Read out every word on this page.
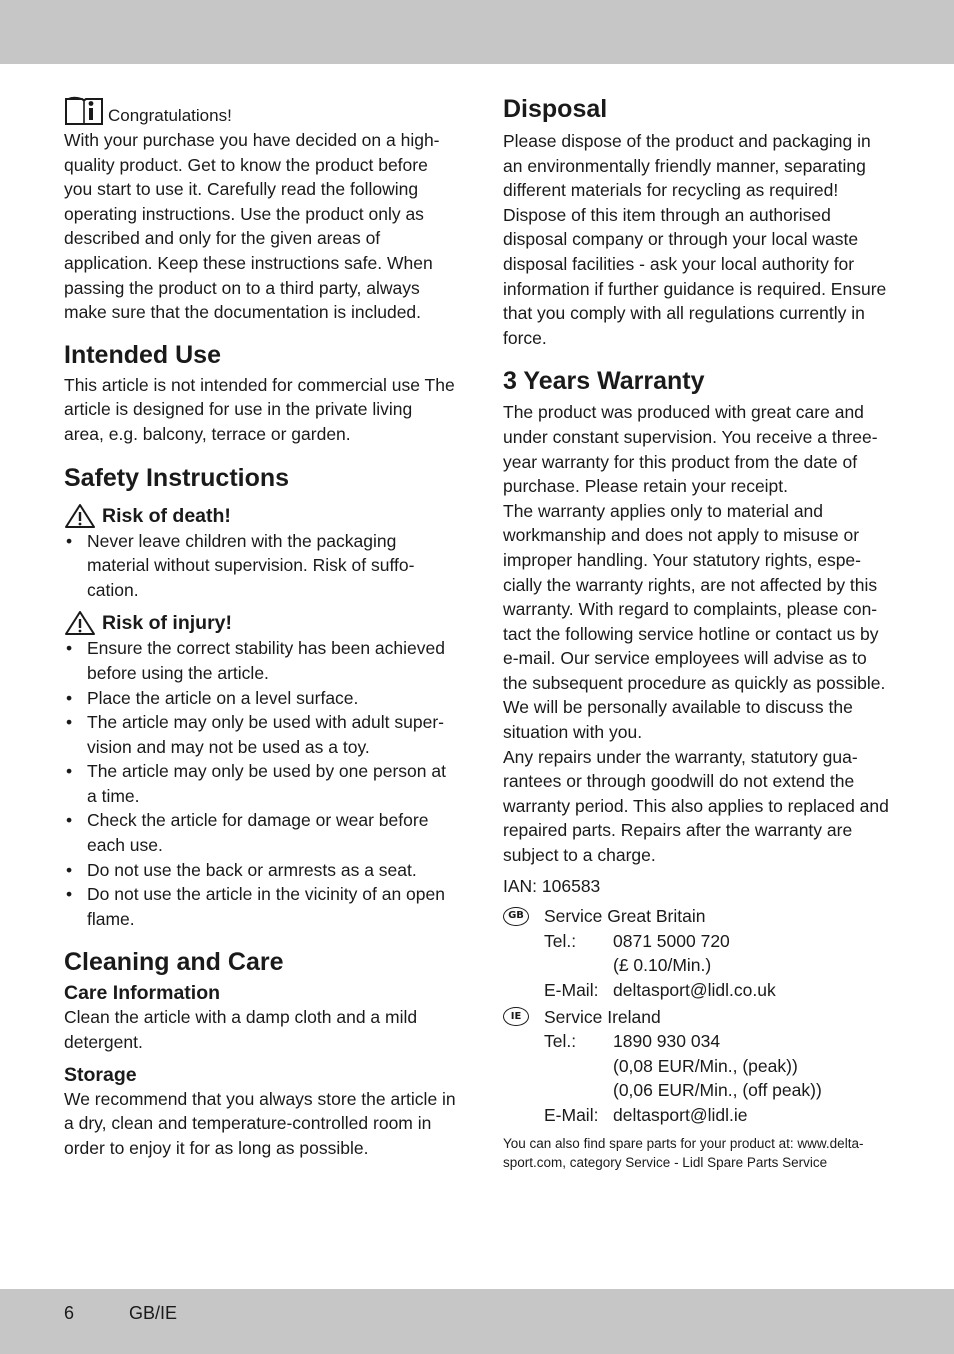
Congratulations!

With your purchase you have decided on a high-quality product. Get to know the product before you start to use it. Carefully read the following operating instructions. Use the product only as described and only for the given areas of application. Keep these instructions safe. When passing the product on to a third party, always make sure that the documentation is included.

Intended Use

This article is not intended for commercial use The article is designed for use in the private living area, e.g. balcony, terrace or garden.

Safety Instructions
Risk of death!
• Never leave children with the packaging material without supervision. Risk of suffo-cation.
Risk of injury!
• Ensure the correct stability has been achieved before using the article.
• Place the article on a level surface.
• The article may only be used with adult super-vision and may not be used as a toy.
• The article may only be used by one person at a time.
• Check the article for damage or wear before each use.
• Do not use the back or armrests as a seat.
• Do not use the article in the vicinity of an open flame.
Cleaning and Care
Care Information

Clean the article with a damp cloth and a mild detergent.

Storage

We recommend that you always store the article in a dry, clean and temperature-controlled room in order to enjoy it for as long as possible.

Disposal

Please dispose of the product and packaging in an environmentally friendly manner, separating different materials for recycling as required! Dispose of this item through an authorised disposal company or through your local waste disposal facilities - ask your local authority for information if further guidance is required. Ensure that you comply with all regulations currently in force.

3 Years Warranty

The product was produced with great care and under constant supervision. You receive a three-year warranty for this product from the date of purchase. Please retain your receipt.

The warranty applies only to material and workmanship and does not apply to misuse or improper handling. Your statutory rights, espe-cially the warranty rights, are not affected by this warranty. With regard to complaints, please con-tact the following service hotline or contact us by e-mail. Our service employees will advise as to the subsequent procedure as quickly as possible. We will be personally available to discuss the situation with you.

Any repairs under the warranty, statutory gua-rantees or through goodwill do not extend the warranty period. This also applies to replaced and repaired parts. Repairs after the warranty are subject to a charge.

IAN: 106583

GB Service Great Britain
Tel.:	0871 5000 720
(£ 0.10/Min.)
E-Mail: deltasport@lidl.co.uk
IE	Service Ireland
Tel.:	1890 930 034
(0,08 EUR/Min., (peak))
(0,06 EUR/Min., (off peak))
E-Mail: deltasport@lidl.ie

You can also find spare parts for your product at: www.delta-sport.com, category Service - Lidl Spare Parts Service

6	GB/IE
